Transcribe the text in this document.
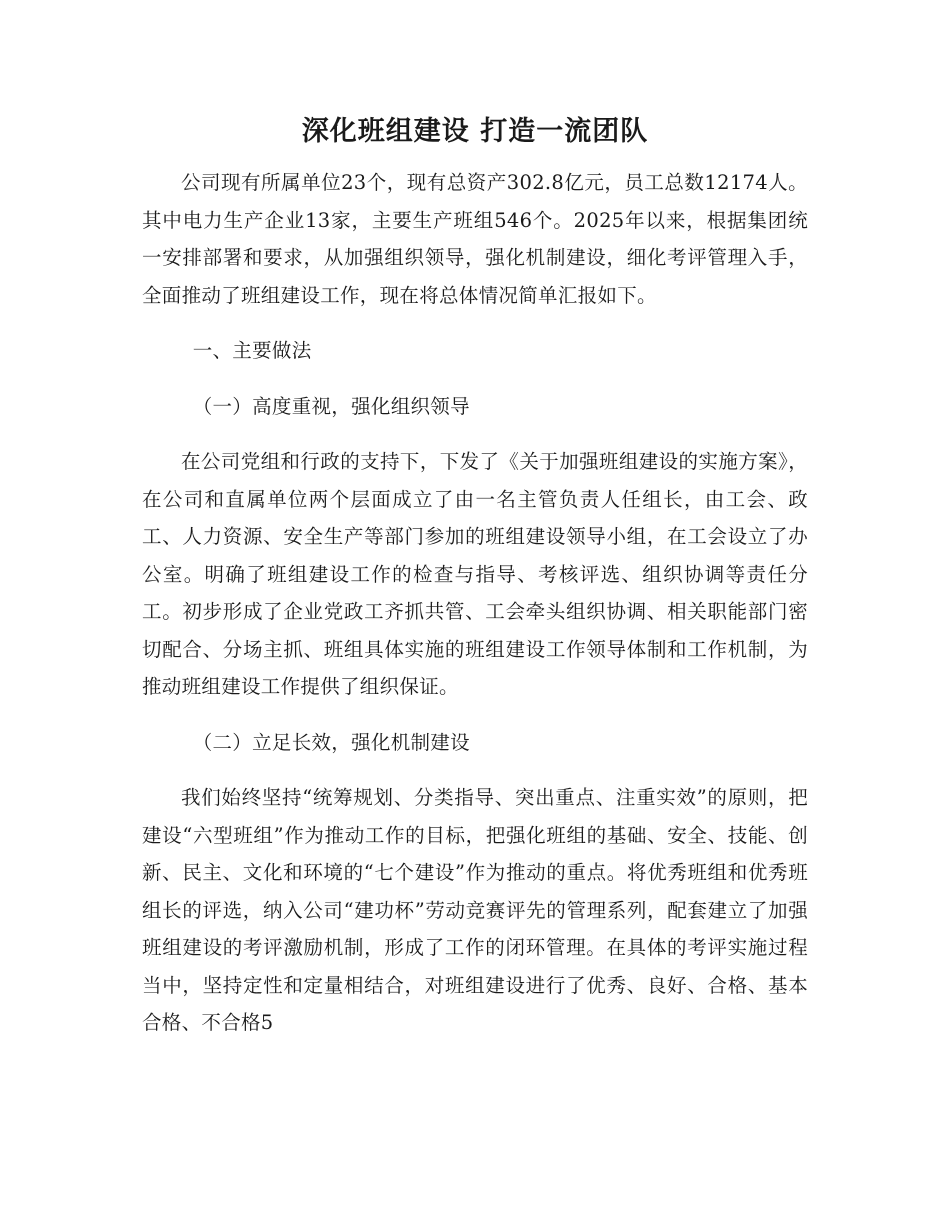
深化班组建设 打造一流团队

公司现有所属单位23个，现有总资产302.8亿元，员工总数12174人。其中电力生产企业13家，主要生产班组546个。2025年以来，根据集团统一安排部署和要求，从加强组织领导，强化机制建设，细化考评管理入手，全面推动了班组建设工作，现在将总体情况简单汇报如下。

一、主要做法

（一）高度重视，强化组织领导

在公司党组和行政的支持下，下发了《关于加强班组建设的实施方案》，在公司和直属单位两个层面成立了由一名主管负责人任组长，由工会、政工、人力资源、安全生产等部门参加的班组建设领导小组，在工会设立了办公室。明确了班组建设工作的检查与指导、考核评选、组织协调等责任分工。初步形成了企业党政工齐抓共管、工会牵头组织协调、相关职能部门密切配合、分场主抓、班组具体实施的班组建设工作领导体制和工作机制，为推动班组建设工作提供了组织保证。

（二）立足长效，强化机制建设

我们始终坚持“统筹规划、分类指导、突出重点、注重实效”的原则，把建设“六型班组”作为推动工作的目标，把强化班组的基础、安全、技能、创新、民主、文化和环境的“七个建设”作为推动的重点。将优秀班组和优秀班组长的评选，纳入公司“建功杯”劳动竞赛评先的管理系列，配套建立了加强班组建设的考评激励机制，形成了工作的闭环管理。在具体的考评实施过程当中，坚持定性和定量相结合，对班组建设进行了优秀、良好、合格、基本合格、不合格5
